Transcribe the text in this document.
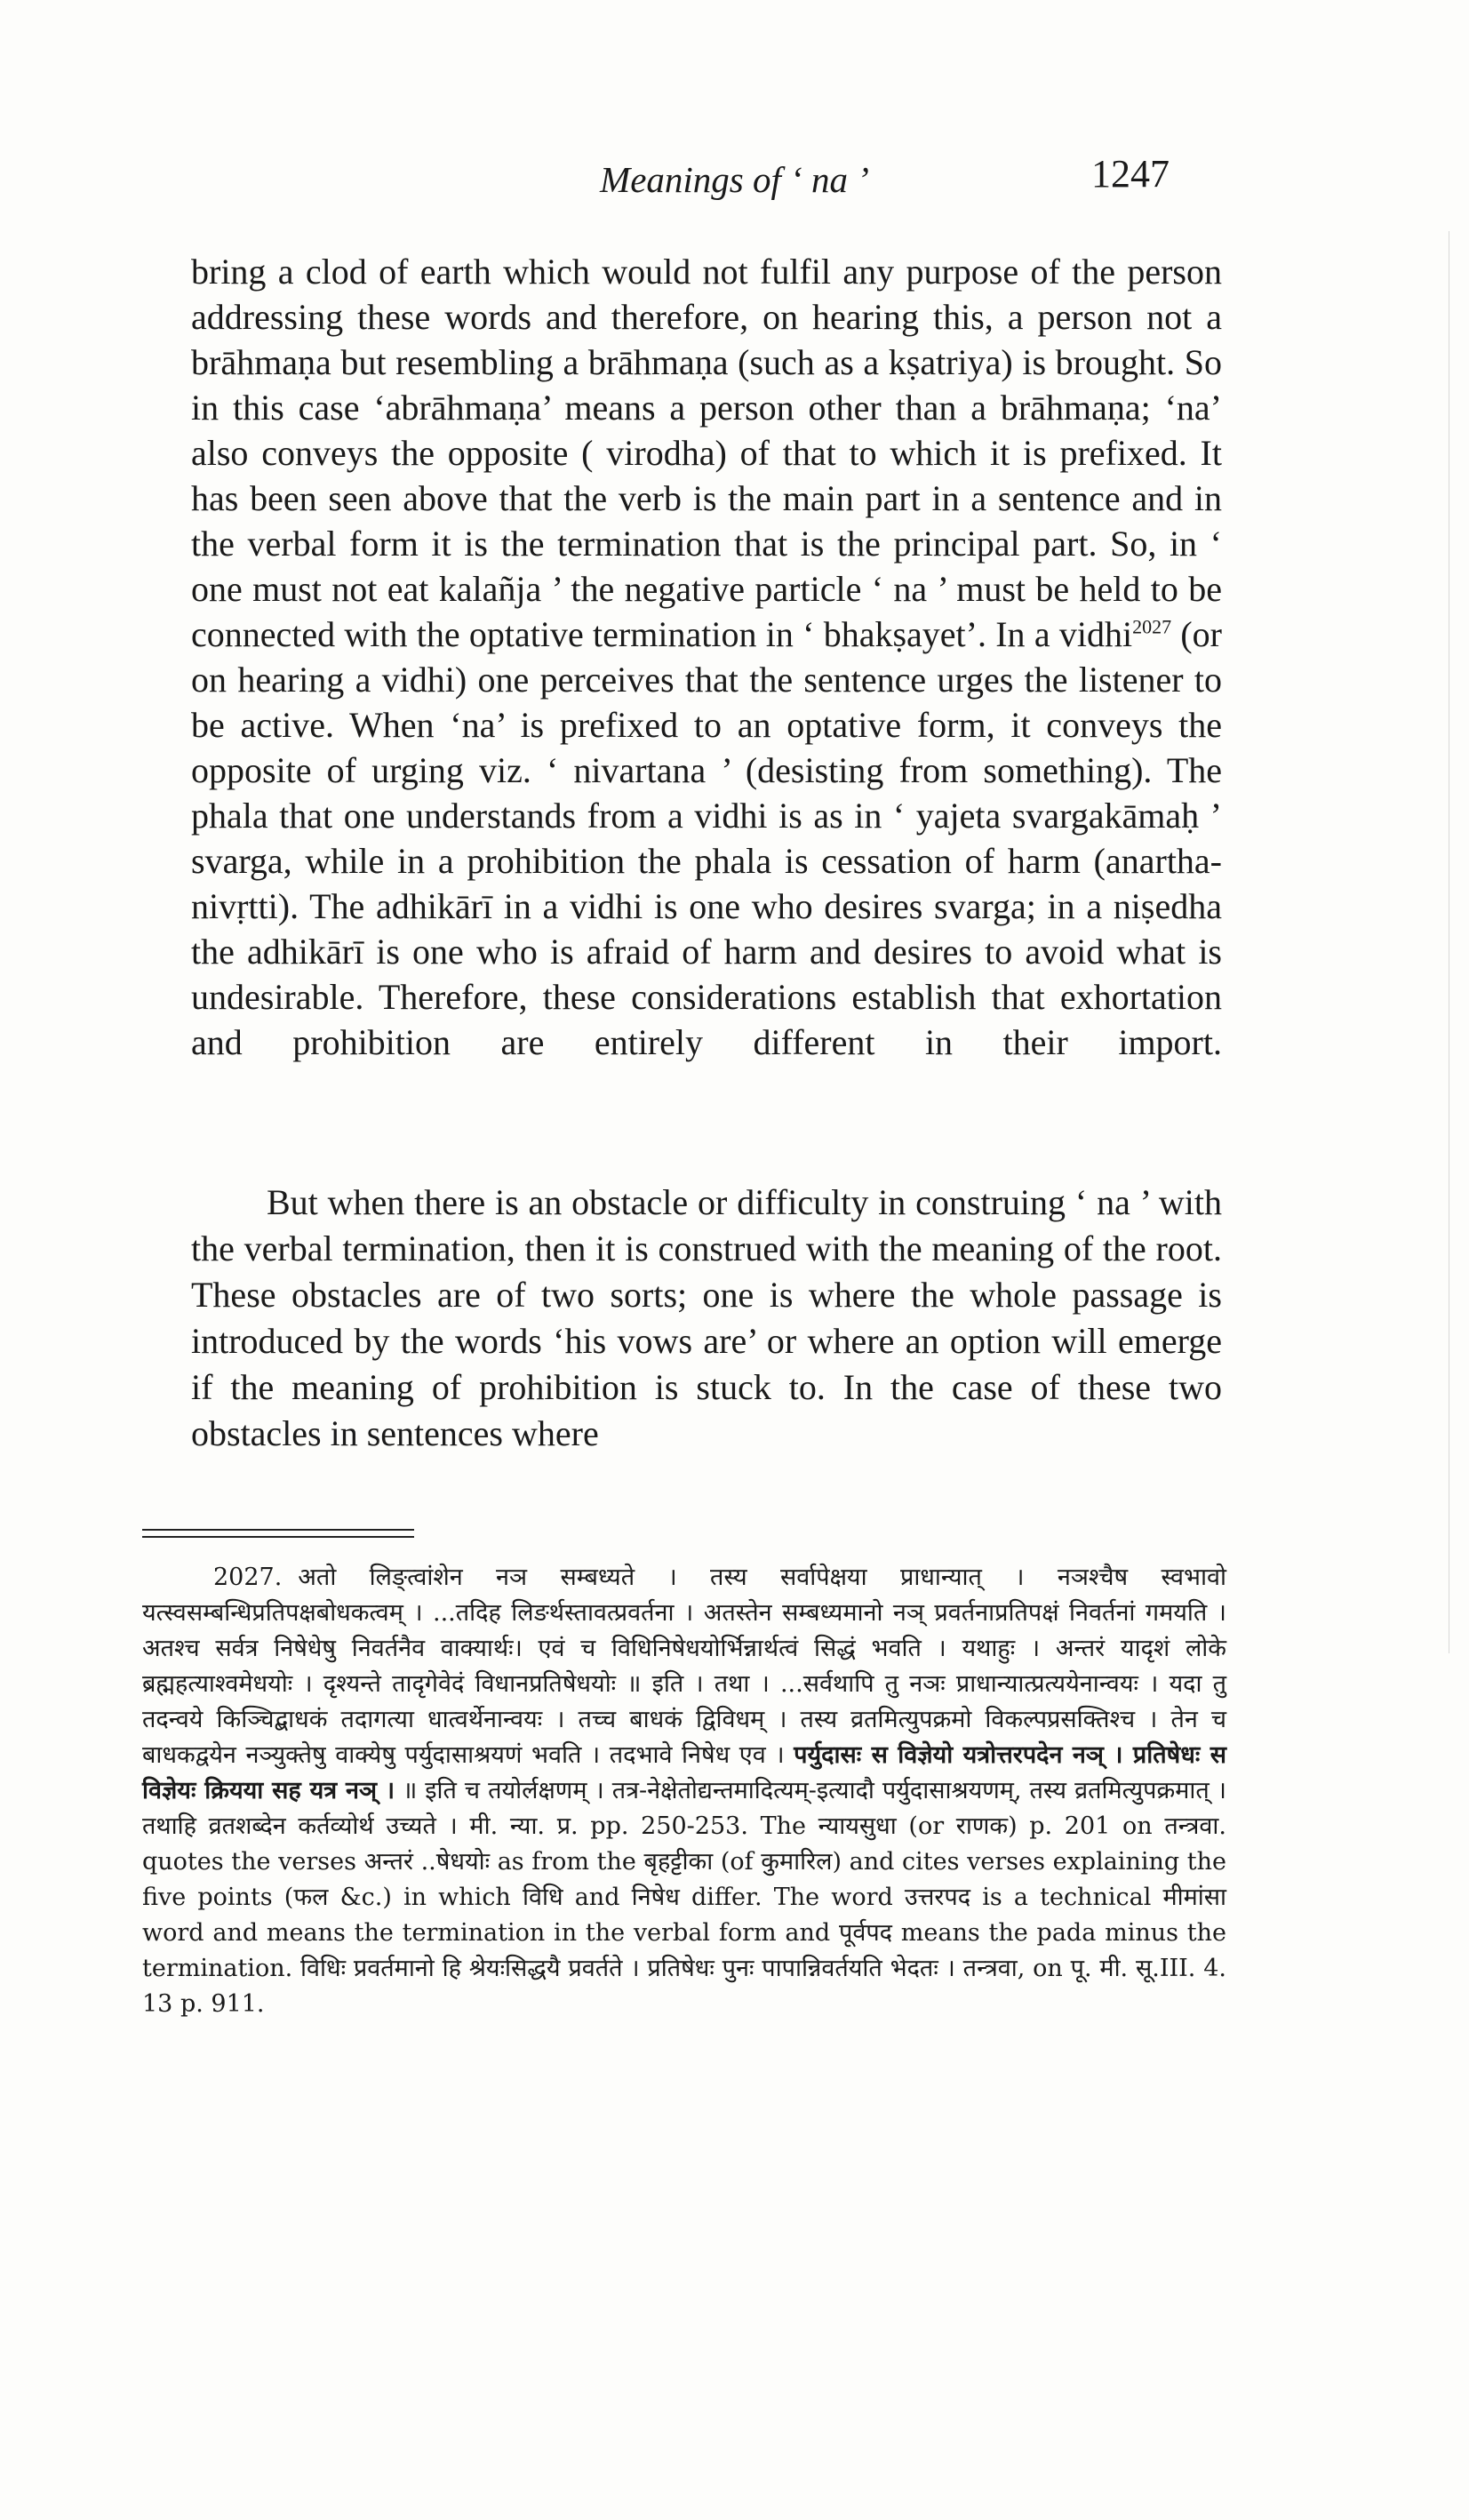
Meanings of ‘ na ’	1247
bring a clod of earth which would not fulfil any purpose of the person addressing these words and therefore, on hearing this, a person not a brāhmaṇa but resembling a brāhmaṇa (such as a kṣatriya) is brought. So in this case ‘abrāhmaṇa’ means a person other than a brāhmaṇa; ‘na’ also conveys the opposite ( virodha) of that to which it is prefixed. It has been seen above that the verb is the main part in a sentence and in the verbal form it is the termination that is the principal part. So, in ‘ one must not eat kalañja ’ the negative particle ‘ na ’ must be held to be connected with the optative termination in ‘ bhakṣayet’. In a vidhi$^{2027}$ (or on hearing a vidhi) one perceives that the sentence urges the listener to be active. When ‘na’ is prefixed to an optative form, it conveys the opposite of urging viz. ‘ nivartana ’ (desisting from something). The phala that one understands from a vidhi is as in ‘ yajeta svargakāmaḥ ’ svarga, while in a prohibition the phala is cessation of harm (anartha-nivṛtti). The adhikārī in a vidhi is one who desires svarga; in a niṣedha the adhikārī is one who is afraid of harm and desires to avoid what is undesirable. Therefore, these considerations establish that exhortation and prohibition are entirely different in their import.
But when there is an obstacle or difficulty in construing ‘ na ’ with the verbal termination, then it is construed with the meaning of the root. These obstacles are of two sorts; one is where the whole passage is introduced by the words ‘his vows are’ or where an option will emerge if the meaning of prohibition is stuck to. In the case of these two obstacles in sentences where
2027. अतो लिङ्त्वांशेन नञ सम्बध्यते । तस्य सर्वापेक्षया प्राधान्यात् । नञश्चैष स्वभावो यत्स्वसम्बन्धिप्रतिपक्षबोधकत्वम् । ...तदिह लिङर्थस्तावत्प्रवर्तना । अतस्तेन सम्बध्यमानो नञ् प्रवर्तनाप्रतिपक्षं निवर्तनां गमयति । अतश्च सर्वत्र निषेधेषु निवर्तनैव वाक्यार्थः। एवं च विधिनिषेधयोर्भिन्नार्थत्वं सिद्धं भवति । यथाहुः । अन्तरं यादृशं लोके ब्रह्महत्याश्वमेधयोः । दृश्यन्ते तादृगेवेदं विधानप्रतिषेधयोः ॥ इति । तथा । ...सर्वथापि तु नञः प्राधान्यात्प्रत्ययेनान्वयः । यदा तु तदन्वये किञ्चिद्बाधकं तदागत्या धात्वर्थेनान्वयः । तच्च बाधकं द्विविधम् । तस्य व्रतमित्युपक्रमो विकल्पप्रसक्तिश्च । तेन च बाधकद्वयेन नञ्युक्तेषु वाक्येषु पर्युदासाश्रयणं भवति । तदभावे निषेध एव । पर्युदासः स विज्ञेयो यत्रोत्तरपदेन नञ् । प्रतिषेधः स विज्ञेयः क्रियया सह यत्र नञ् । ॥ इति च तयोर्लक्षणम् । तत्र-नेक्षेतोद्यन्तमादित्यम्-इत्यादौ पर्युदासाश्रयणम्, तस्य व्रतमित्युपक्रमात् । तथाहि व्रतशब्देन कर्तव्योर्थ उच्यते । मी. न्या. प्र. pp. 250-253. The न्यायसुधा (or राणक) p. 201 on तन्त्रवा. quotes the verses अन्तरं ..षेधयोः as from the बृहट्टीका (of कुमारिल) and cites verses explaining the five points (फल &c.) in which विधि and निषेध differ. The word उत्तरपद is a technical मीमांसा word and means the termination in the verbal form and पूर्वपद means the pada minus the termination. विधिः प्रवर्तमानो हि श्रेयःसिद्धयै प्रवर्तते । प्रतिषेधः पुनः पापान्निवर्तयति भेदतः । तन्त्रवा, on पू. मी. सू.III. 4. 13 p. 911.
